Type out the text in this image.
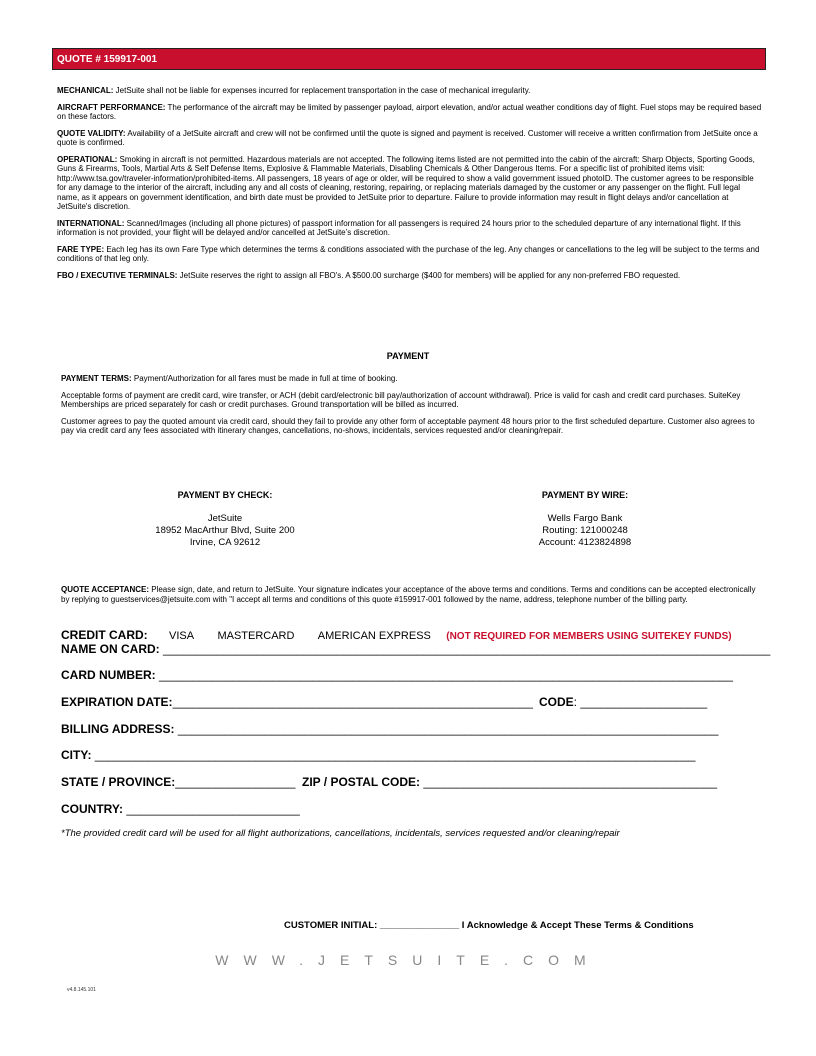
QUOTE # 159917-001

MECHANICAL: JetSuite shall not be liable for expenses incurred for replacement transportation in the case of mechanical irregularity.

AIRCRAFT PERFORMANCE: The performance of the aircraft may be limited by passenger payload, airport elevation, and/or actual weather conditions day of flight. Fuel stops may be required based on these factors.

QUOTE VALIDITY: Availability of a JetSuite aircraft and crew will not be confirmed until the quote is signed and payment is received. Customer will receive a written confirmation from JetSuite once a quote is confirmed.

OPERATIONAL: Smoking in aircraft is not permitted. Hazardous materials are not accepted. The following items listed are not permitted into the cabin of the aircraft: Sharp Objects, Sporting Goods, Guns & Firearms, Tools, Martial Arts & Self Defense Items, Explosive & Flammable Materials, Disabling Chemicals & Other Dangerous Items. For a specific list of prohibited items visit: http://www.tsa.gov/traveler-information/prohibited-items. All passengers, 18 years of age or older, will be required to show a valid government issued photoID. The customer agrees to be responsible for any damage to the interior of the aircraft, including any and all costs of cleaning, restoring, repairing, or replacing materials damaged by the customer or any passenger on the flight. Full legal name, as it appears on government identification, and birth date must be provided to JetSuite prior to departure. Failure to provide information may result in flight delays and/or cancellation at JetSuite's discretion.

INTERNATIONAL: Scanned/Images (including all phone pictures) of passport information for all passengers is required 24 hours prior to the scheduled departure of any international flight. If this information is not provided, your flight will be delayed and/or cancelled at JetSuite’s discretion.

FARE TYPE: Each leg has its own Fare Type which determines the terms & conditions associated with the purchase of the leg. Any changes or cancellations to the leg will be subject to the terms and conditions of that leg only.

FBO / EXECUTIVE TERMINALS: JetSuite reserves the right to assign all FBO's. A $500.00 surcharge ($400 for members) will be applied for any non-preferred FBO requested.

PAYMENT

PAYMENT TERMS: Payment/Authorization for all fares must be made in full at time of booking.

Acceptable forms of payment are credit card, wire transfer, or ACH (debit card/electronic bill pay/authorization of account withdrawal). Price is valid for cash and credit card purchases. SuiteKey Memberships are priced separately for cash or credit purchases. Ground transportation will be billed as incurred.

Customer agrees to pay the quoted amount via credit card, should they fail to provide any other form of acceptable payment 48 hours prior to the first scheduled departure. Customer also agrees to pay via credit card any fees associated with itinerary changes, cancellations, no-shows, incidentals, services requested and/or cleaning/repair.

PAYMENT BY CHECK:
JetSuite
18952 MacArthur Blvd, Suite 200
Irvine, CA 92612
PAYMENT BY WIRE:
Wells Fargo Bank
Routing: 121000248
Account: 4123824898
QUOTE ACCEPTANCE: Please sign, date, and return to JetSuite. Your signature indicates your acceptance of the above terms and conditions. Terms and conditions can be accepted electronically by replying to guestservices@jetsuite.com with "I accept all terms and conditions of this quote #159917-001 followed by the name, address, telephone number of the billing party.
CREDIT CARD: VISA MASTERCARD AMERICAN EXPRESS (NOT REQUIRED FOR MEMBERS USING SUITEKEY FUNDS)
NAME ON CARD: ___________________________________________________________________________________________
CARD NUMBER: ______________________________________________________________________________________
EXPIRATION DATE:______________________________________________________ CODE: ___________________
BILLING ADDRESS: _________________________________________________________________________________
CITY: __________________________________________________________________________________________
STATE / PROVINCE:__________________ ZIP / POSTAL CODE: ____________________________________________
COUNTRY: __________________________
*The provided credit card will be used for all flight authorizations, cancellations, incidentals, services requested and/or cleaning/repair
CUSTOMER INITIAL: _______________ I Acknowledge & Accept These Terms & Conditions
WWW.JETSUITE.COM
v4.8.145.101
